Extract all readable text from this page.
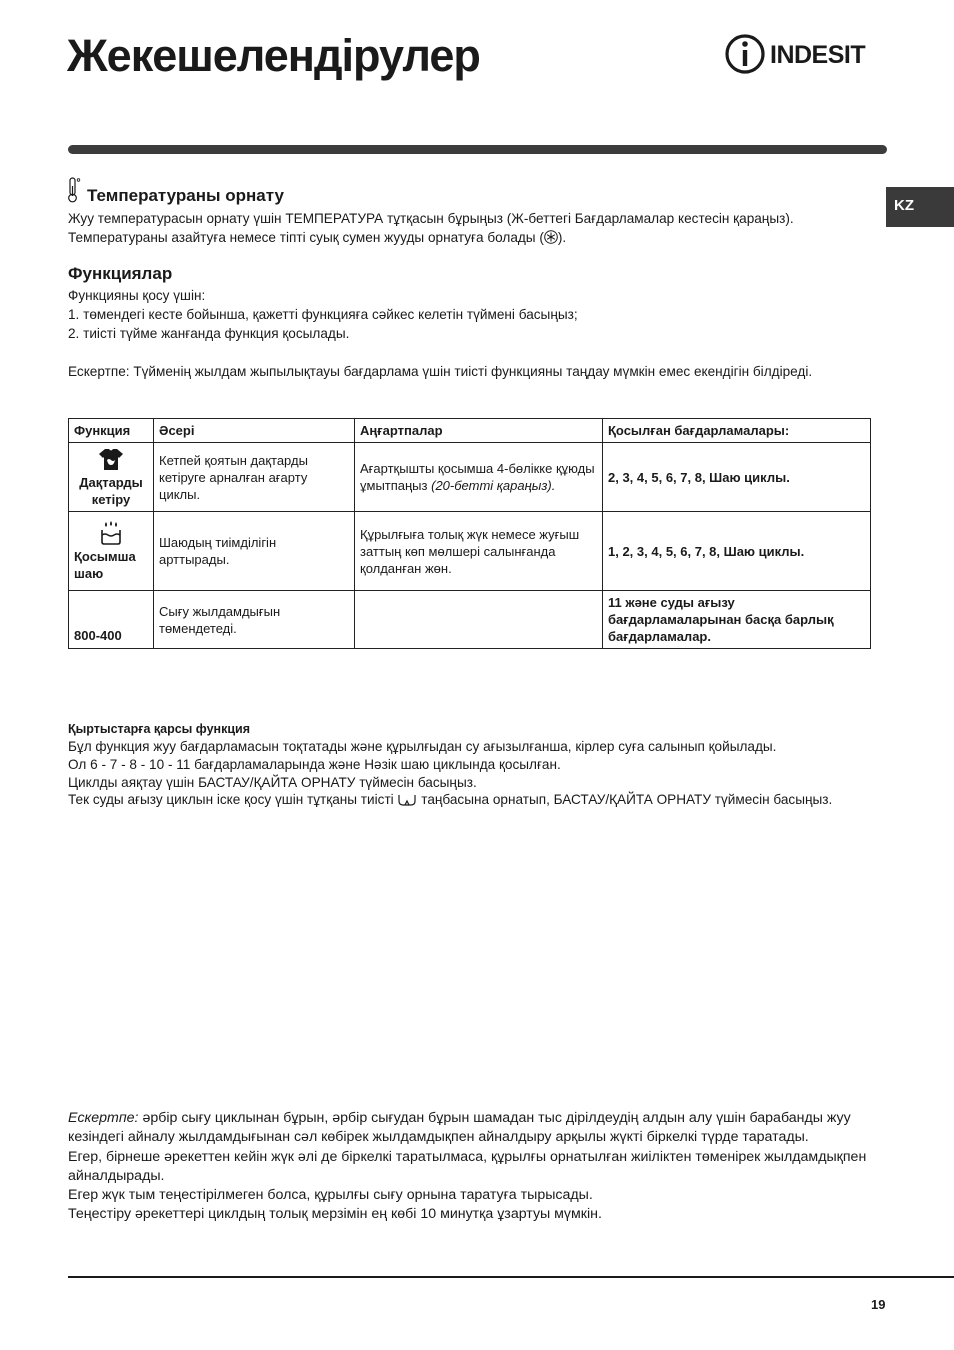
Жекешелендірулер	INDESIT
KZ
Температураны орнату

Жуу температурасын орнату үшін ТЕМПЕРАТУРА тұтқасын бұрыңыз (Ж-беттегі Бағдарламалар кестесін қараңыз).

Температураны азайтуға немесе тіпті суық сумен жууды орнатуға болады ( ).

Функциялар

Функцияны қосу үшін:

1. төмендегі кесте бойынша, қажетті функцияға сәйкес келетін түймені басыңыз;

2. тиісті түйме жанғанда функция қосылады.

Ескертпе: Түйменің жылдам жыпылықтауы бағдарлама үшін тиісті функцияны таңдау мүмкін емес екендігін білдіреді.

Функция	Әсері	Аңғартпалар	Қосылған бағдарламалары:

Дақтарды кетіру	Кетпей қоятын дақтарды кетіруге арналған ағарту циклы.	Ағартқышты қосымша 4-бөлікке құюды ұмытпаңыз (20-бетті қараңыз).	2, 3, 4, 5, 6, 7, 8, Шаю циклы.

Қосымша шаю	Шаюдың тиімділігін арттырады.	Құрылғыға толық жүк немесе жуғыш заттың көп мөлшері салынғанда қолданған жөн.	1, 2, 3, 4, 5, 6, 7, 8, Шаю циклы.
800-400	Сығу жылдамдығын төмендетеді.		11 және суды ағызу бағдарламаларынан басқа барлық бағдарламалар.

Қыртыстарға қарсы функция

Бұл функция жуу бағдарламасын тоқтатады және құрылғыдан су ағызылғанша, кірлер суға салынып қойылады.

Ол 6 - 7 - 8 - 10 - 11 бағдарламаларында және Нәзік шаю циклында қосылған.

Циклды аяқтау үшін БАСТАУ/ҚАЙТА ОРНАТУ түймесін басыңыз.

Тек суды ағызу циклын іске қосу үшін тұтқаны тиісті  таңбасына орнатып, БАСТАУ/ҚАЙТА ОРНАТУ түймесін басыңыз.

Ескертпе: әрбір сығу циклынан бұрын, әрбір сығудан бұрын шамадан тыс дірілдеудің алдын алу үшін барабанды жуу кезіндегі айналу жылдамдығынан сәл көбірек жылдамдықпен айналдыру арқылы жүкті біркелкі түрде таратады.
Егер, бірнеше әрекеттен кейін жүк әлі де біркелкі таратылмаса, құрылғы орнатылған жиіліктен төменірек жылдамдықпен айналдырады.
Егер жүк тым теңестірілмеген болса, құрылғы сығу орнына таратуға тырысады.
Теңестіру әрекеттері циклдың толық мерзімін ең көбі 10 минутқа ұзартуы мүмкін.

19
